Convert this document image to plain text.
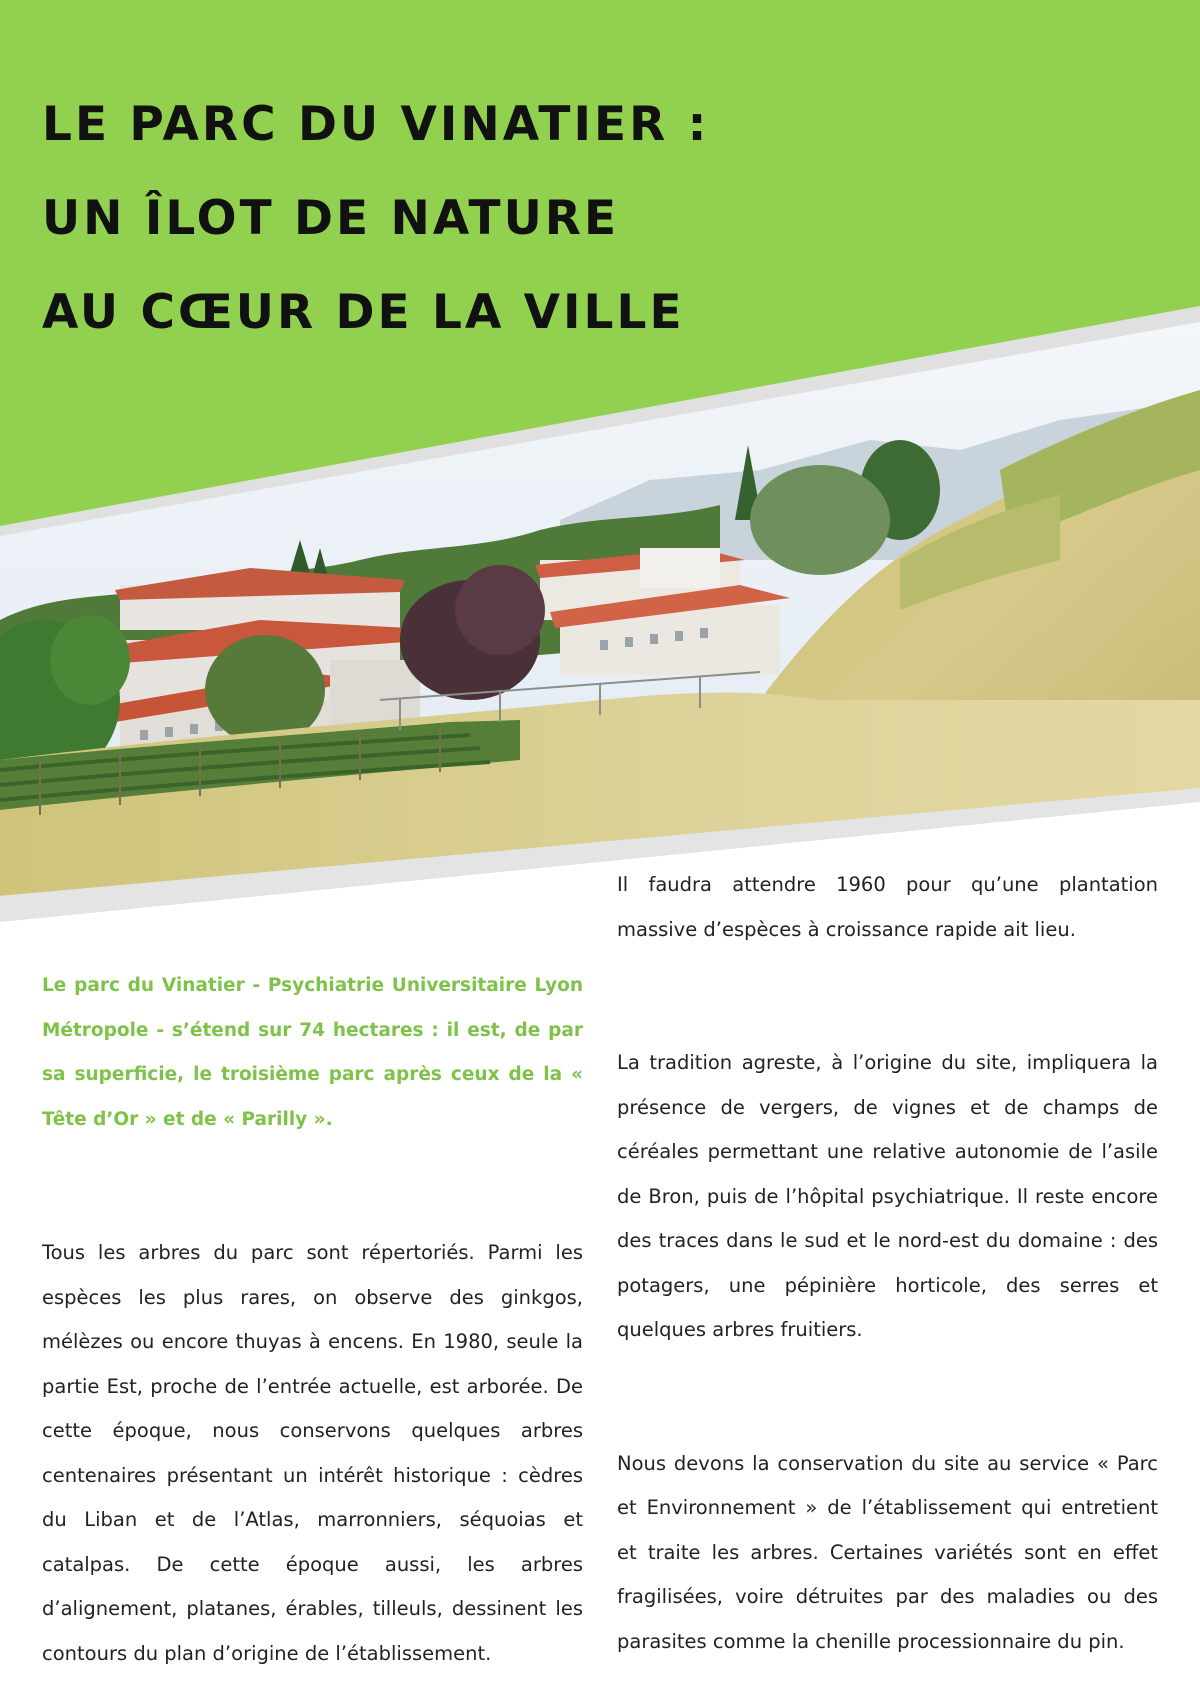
LE PARC DU VINATIER :
UN ÎLOT DE NATURE
AU CŒUR DE LA VILLE

Le parc du Vinatier - Psychiatrie Universitaire Lyon Métropole - s’étend sur 74 hectares : il est, de par sa superficie, le troisième parc après ceux de la « Tête d’Or » et de « Parilly ».

Tous les arbres du parc sont répertoriés. Parmi les espèces les plus rares, on observe des ginkgos, mélèzes ou encore thuyas à encens. En 1980, seule la partie Est, proche de l’entrée actuelle, est arborée. De cette époque, nous conservons quelques arbres centenaires présentant un intérêt historique : cèdres du Liban et de l’Atlas, marronniers, séquoias et catalpas. De cette époque aussi, les arbres d’alignement, platanes, érables, tilleuls, dessinent les contours du plan d’origine de l’établissement.

Il faudra attendre 1960 pour qu’une plantation massive d’espèces à croissance rapide ait lieu.

La tradition agreste, à l’origine du site, impliquera la présence de vergers, de vignes et de champs de céréales permettant une relative autonomie de l’asile de Bron, puis de l’hôpital psychiatrique. Il reste encore des traces dans le sud et le nord-est du domaine : des potagers, une pépinière horticole, des serres et quelques arbres fruitiers.

Nous devons la conservation du site au service « Parc et Environnement » de l’établissement qui entretient et traite les arbres. Certaines variétés sont en effet fragilisées, voire détruites par des maladies ou des parasites comme la chenille processionnaire du pin.
